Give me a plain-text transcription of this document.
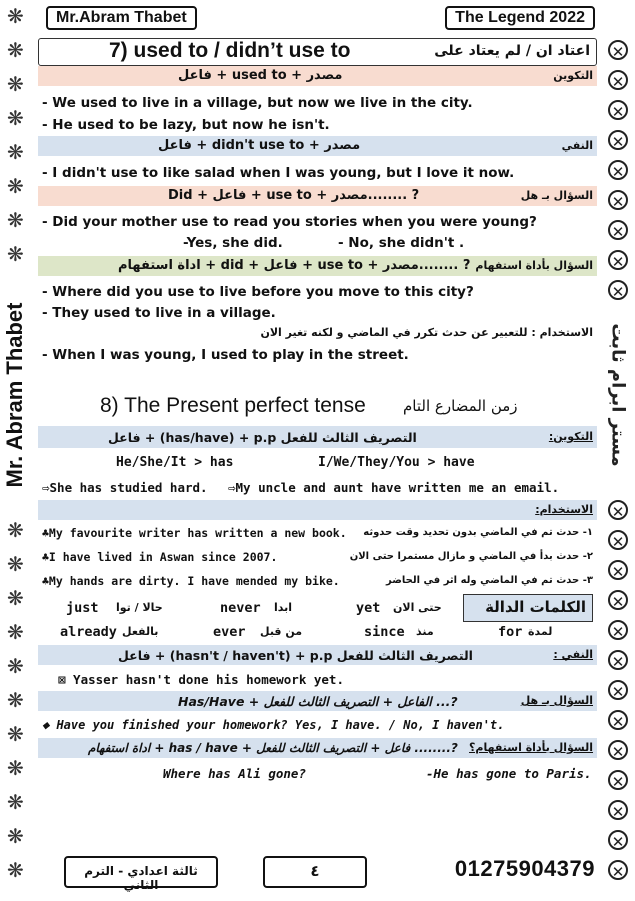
❋
❋
❋
❋
❋
❋
❋
❋
❋
❋
❋
❋
❋
❋
❋
❋
❋
❋
❋
Mr. Abram Thabet
✕
✕
✕
✕
✕
✕
✕
✕
✕
✕
✕
✕
✕
✕
✕
✕
✕
✕
✕
✕
✕
✕
مستر ابرام ثابت
Mr.Abram Thabet	The Legend 2022
7) used to / didn’t use to	اعتاد ان / لم يعتاد على
التكوين
فاعل + used to + مصدر
- We used to live in a village, but now we live in the city.
- He used to be lazy, but now he isn't.
النفي
فاعل + didn't use to + مصدر
- I didn't use to like salad when I was young, but I love it now.
السؤال بـ هل
Did + فاعل + use to + مصدر........ ?
- Did your mother use to read you stories when you were young?
-Yes, she did.	- No, she didn't .
السؤال بأداة استفهام
اداة استفهام + did + فاعل + use to + مصدر........ ?
- Where did you use to live before you move to this city?
- They used to live in a village.
الاستخدام : للتعبير عن حدث تكرر في الماضي و لكنه تغير الان
- When I was young, I used to play in the street.
8) The Present perfect tense زمن المضارع التام
التكوين:
فاعل + (has/have) + p.p التصريف الثالث للفعل
He/She/It > has	I/We/They/You > have
⇨She has studied hard. ⇨My uncle and aunt have written me an email.
الاستخدام:
♣My favourite writer has written a new book. ١- حدث تم في الماضي بدون تحديد وقت حدوثه
♣I have lived in Aswan since 2007.	٢- حدث بدأ في الماضي و مازال مستمرا حتى الان
♣My hands are dirty. I have mended my bike.	٣- حدث تم في الماضي وله اثر في الحاضر
الكلمات الدالة
just حالا / توا	never ابدا	yet حتى الان
already بالفعل	ever من قبل	since منذ	for لمدة
النفي :
فاعل + (hasn't / haven't) + p.p التصريف الثالث للفعل
⊠ Yasser hasn't done his homework yet.
السؤال بـ هل
Has/Have + الفاعل + التصريف الثالث للفعل ...?
❖ Have you finished your homework? Yes, I have. / No, I haven't.
السؤال بأداة استفهام؟
اداة استفهام + has / have + فاعل + التصريف الثالث للفعل ........?
Where has Ali gone?	-He has gone to Paris.
ثالثة اعدادي - الترم الثاني
٤	01275904379
